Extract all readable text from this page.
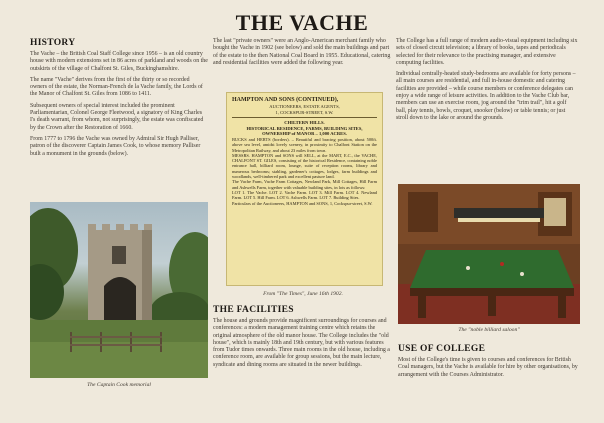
THE VACHE
HISTORY

The Vache – the British Coal Staff College since 1956 – is an old country house with modern extensions set in 86 acres of parkland and woods on the outskirts of the village of Chalfont St. Giles, Buckinghamshire.

The name "Vache" derives from the first of the thirty or so recorded owners of the estate, the Norman-French de la Vache family, the Lords of the Manor of Chalfont St. Giles from 1086 to 1411.

Subsequent owners of special interest included the prominent Parliamentarian, Colonel George Fleetwood, a signatory of King Charles I's death warrant, from whom, not surprisingly, the estate was confiscated by the Crown after the Restoration of 1660.

From 1777 to 1796 the Vache was owned by Admiral Sir Hugh Palliser, patron of the discoverer Captain James Cook, to whose memory Palliser built a monument in the grounds (below).

The Captain Cook memorial

The last "private owners" were an Anglo-American merchant family who bought the Vache in 1902 (see below) and sold the main buildings and part of the estate to the then National Coal Board in 1955. Educational, catering and residential facilities were added the following year.

HAMPTON AND SONS (CONTINUED),
AUCTIONEERS, ESTATE AGENTS,
1, COCKSPUR-STREET, S.W.
CHILTERN HILLS.
HISTORICAL RESIDENCE, FARMS, BUILDING SITES, OWNERSHIP of MANOR – 1,000 ACRES.
BUCKS and HERTS (borders). – Beautiful and bracing position, about 500ft. above sea level, amidst lovely scenery, in proximity to Chalfont Station on the Metropolitan Railway, and about 23 miles from town.
MESSRS. HAMPTON and SONS will SELL, at the MART, E.C., the VACHE, CHALFONT ST. GILES, consisting of the historical Residence, containing noble entrance hall, billiard room, lounge, suite of reception rooms, library and numerous bedrooms; stabling, gardener's cottages, lodges, farm buildings and woodlands, well-timbered park and excellent pasture land.
The Vache Farm, Vache Farm Cottages, Newland Park, Mill Cottages, Hill Farm and Ashwells Farm, together with valuable building sites, in lots as follows:
LOT 1. The Vache. LOT 2. Vache Farm. LOT 3. Mill Farm. LOT 4. Newland Farm. LOT 5. Hill Farm. LOT 6. Ashwells Farm. LOT 7. Building Sites.
Particulars of the Auctioneers, HAMPTON and SONS, 1, Cockspur-street, S.W.
From "The Times", June 16th 1902.
THE FACILITIES

The house and grounds provide magnificent surroundings for courses and conferences: a modern management training centre which retains the original atmosphere of the old manor house. The College includes the "old house", which is mainly 18th and 19th century, but with various features from Tudor times onwards. Three main rooms in the old house, including a conference room, are available for group sessions, but the main lecture, syndicate and dining rooms are situated in the newer buildings.

The College has a full range of modern audio-visual equipment including six sets of closed circuit television; a library of books, tapes and periodicals selected for their relevance to the practising manager, and extensive computing facilities.

Individual centrally-heated study-bedrooms are available for forty persons – all main courses are residential, and full in-house domestic and catering facilities are provided – while course members or conference delegates can enjoy a wide range of leisure activities. In addition to the Vache Club bar, members can use an exercise room, jog around the "trim trail", hit a golf ball, play tennis, bowls, croquet, snooker (below) or table tennis; or just stroll down to the lake or around the grounds.

The "noble billiard saloon"
USE OF COLLEGE

Most of the College's time is given to courses and conferences for British Coal managers, but the Vache is available for hire by other organisations, by arrangement with the Courses Administrator.
